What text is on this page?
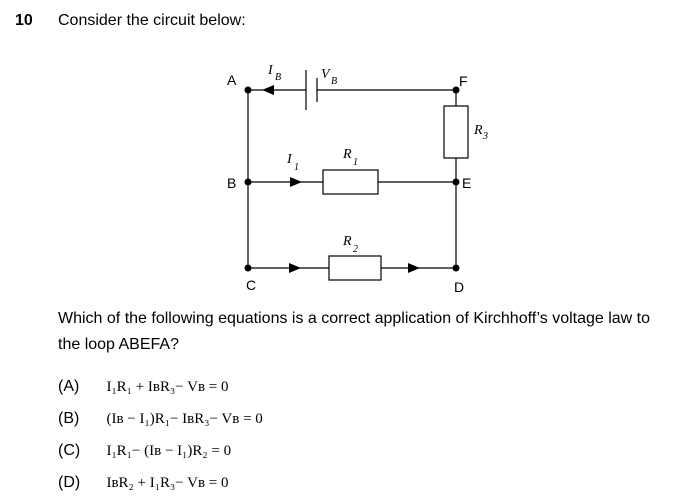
10 Consider the circuit below:
A
B
C	D
E
F
I B	V B
I
1
R
1
R
2
R 3
Which of the following equations is a correct application of Kirchhoff’s voltage law to the loop ABEFA?
(A) I₁R₁ + IʙR₃− Vʙ = 0
(B) (Iʙ − I₁)R₁− IʙR₃− Vʙ = 0
(C) I₁R₁− (Iʙ − I₁)R₂ = 0
(D) IʙR₂ + I₁R₃− Vʙ = 0
